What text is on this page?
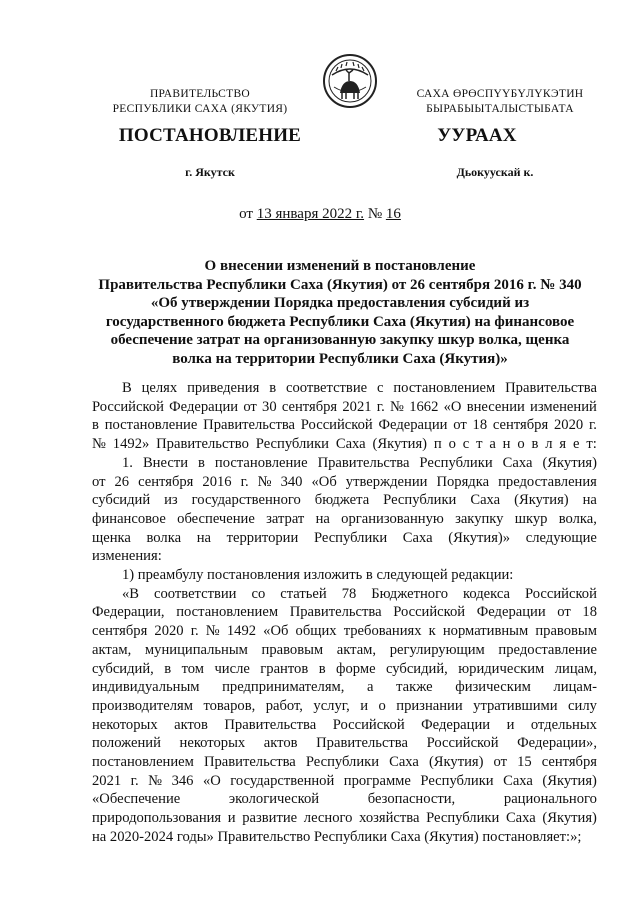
ПРАВИТЕЛЬСТВО
РЕСПУБЛИКИ САХА (ЯКУТИЯ)
САХА ӨРӨСПҮҮБҮЛҮКЭТИН
БЫРАБЫЫТАЛЫСТЫБАТА
ПОСТАНОВЛЕНИЕ	УУРААХ
г. Якутск	Дьокуускай к.
от 13 января 2022 г. № 16
О внесении изменений в постановление
Правительства Республики Саха (Якутия) от 26 сентября 2016 г. № 340
«Об утверждении Порядка предоставления субсидий из
государственного бюджета Республики Саха (Якутия) на финансовое
обеспечение затрат на организованную закупку шкур волка, щенка
волка на территории Республики Саха (Якутия)»
В целях приведения в соответствие с постановлением Правительства
Российской Федерации от 30 сентября 2021 г. № 1662 «О внесении изменений
в постановление Правительства Российской Федерации от 18 сентября 2020 г.
№ 1492» Правительство Республики Саха (Якутия) п о с т а н о в л я е т:
1. Внести в постановление Правительства Республики Саха (Якутия)
от 26 сентября 2016 г. № 340 «Об утверждении Порядка предоставления
субсидий из государственного бюджета Республики Саха (Якутия) на
финансовое обеспечение затрат на организованную закупку шкур волка,
щенка волка на территории Республики Саха (Якутия)» следующие
изменения:
1) преамбулу постановления изложить в следующей редакции:
«В соответствии со статьей 78 Бюджетного кодекса Российской
Федерации, постановлением Правительства Российской Федерации от 18
сентября 2020 г. № 1492 «Об общих требованиях к нормативным правовым
актам, муниципальным правовым актам, регулирующим предоставление
субсидий, в том числе грантов в форме субсидий, юридическим лицам,
индивидуальным предпринимателям, а также физическим лицам-
производителям товаров, работ, услуг, и о признании утратившими силу
некоторых актов Правительства Российской Федерации и отдельных
положений некоторых актов Правительства Российской Федерации»,
постановлением Правительства Республики Саха (Якутия) от 15 сентября
2021 г. № 346 «О государственной программе Республики Саха (Якутия)
«Обеспечение	экологической	безопасности,	рационального
природопользования и развитие лесного хозяйства Республики Саха (Якутия)
на 2020-2024 годы» Правительство Республики Саха (Якутия) постановляет:»;
